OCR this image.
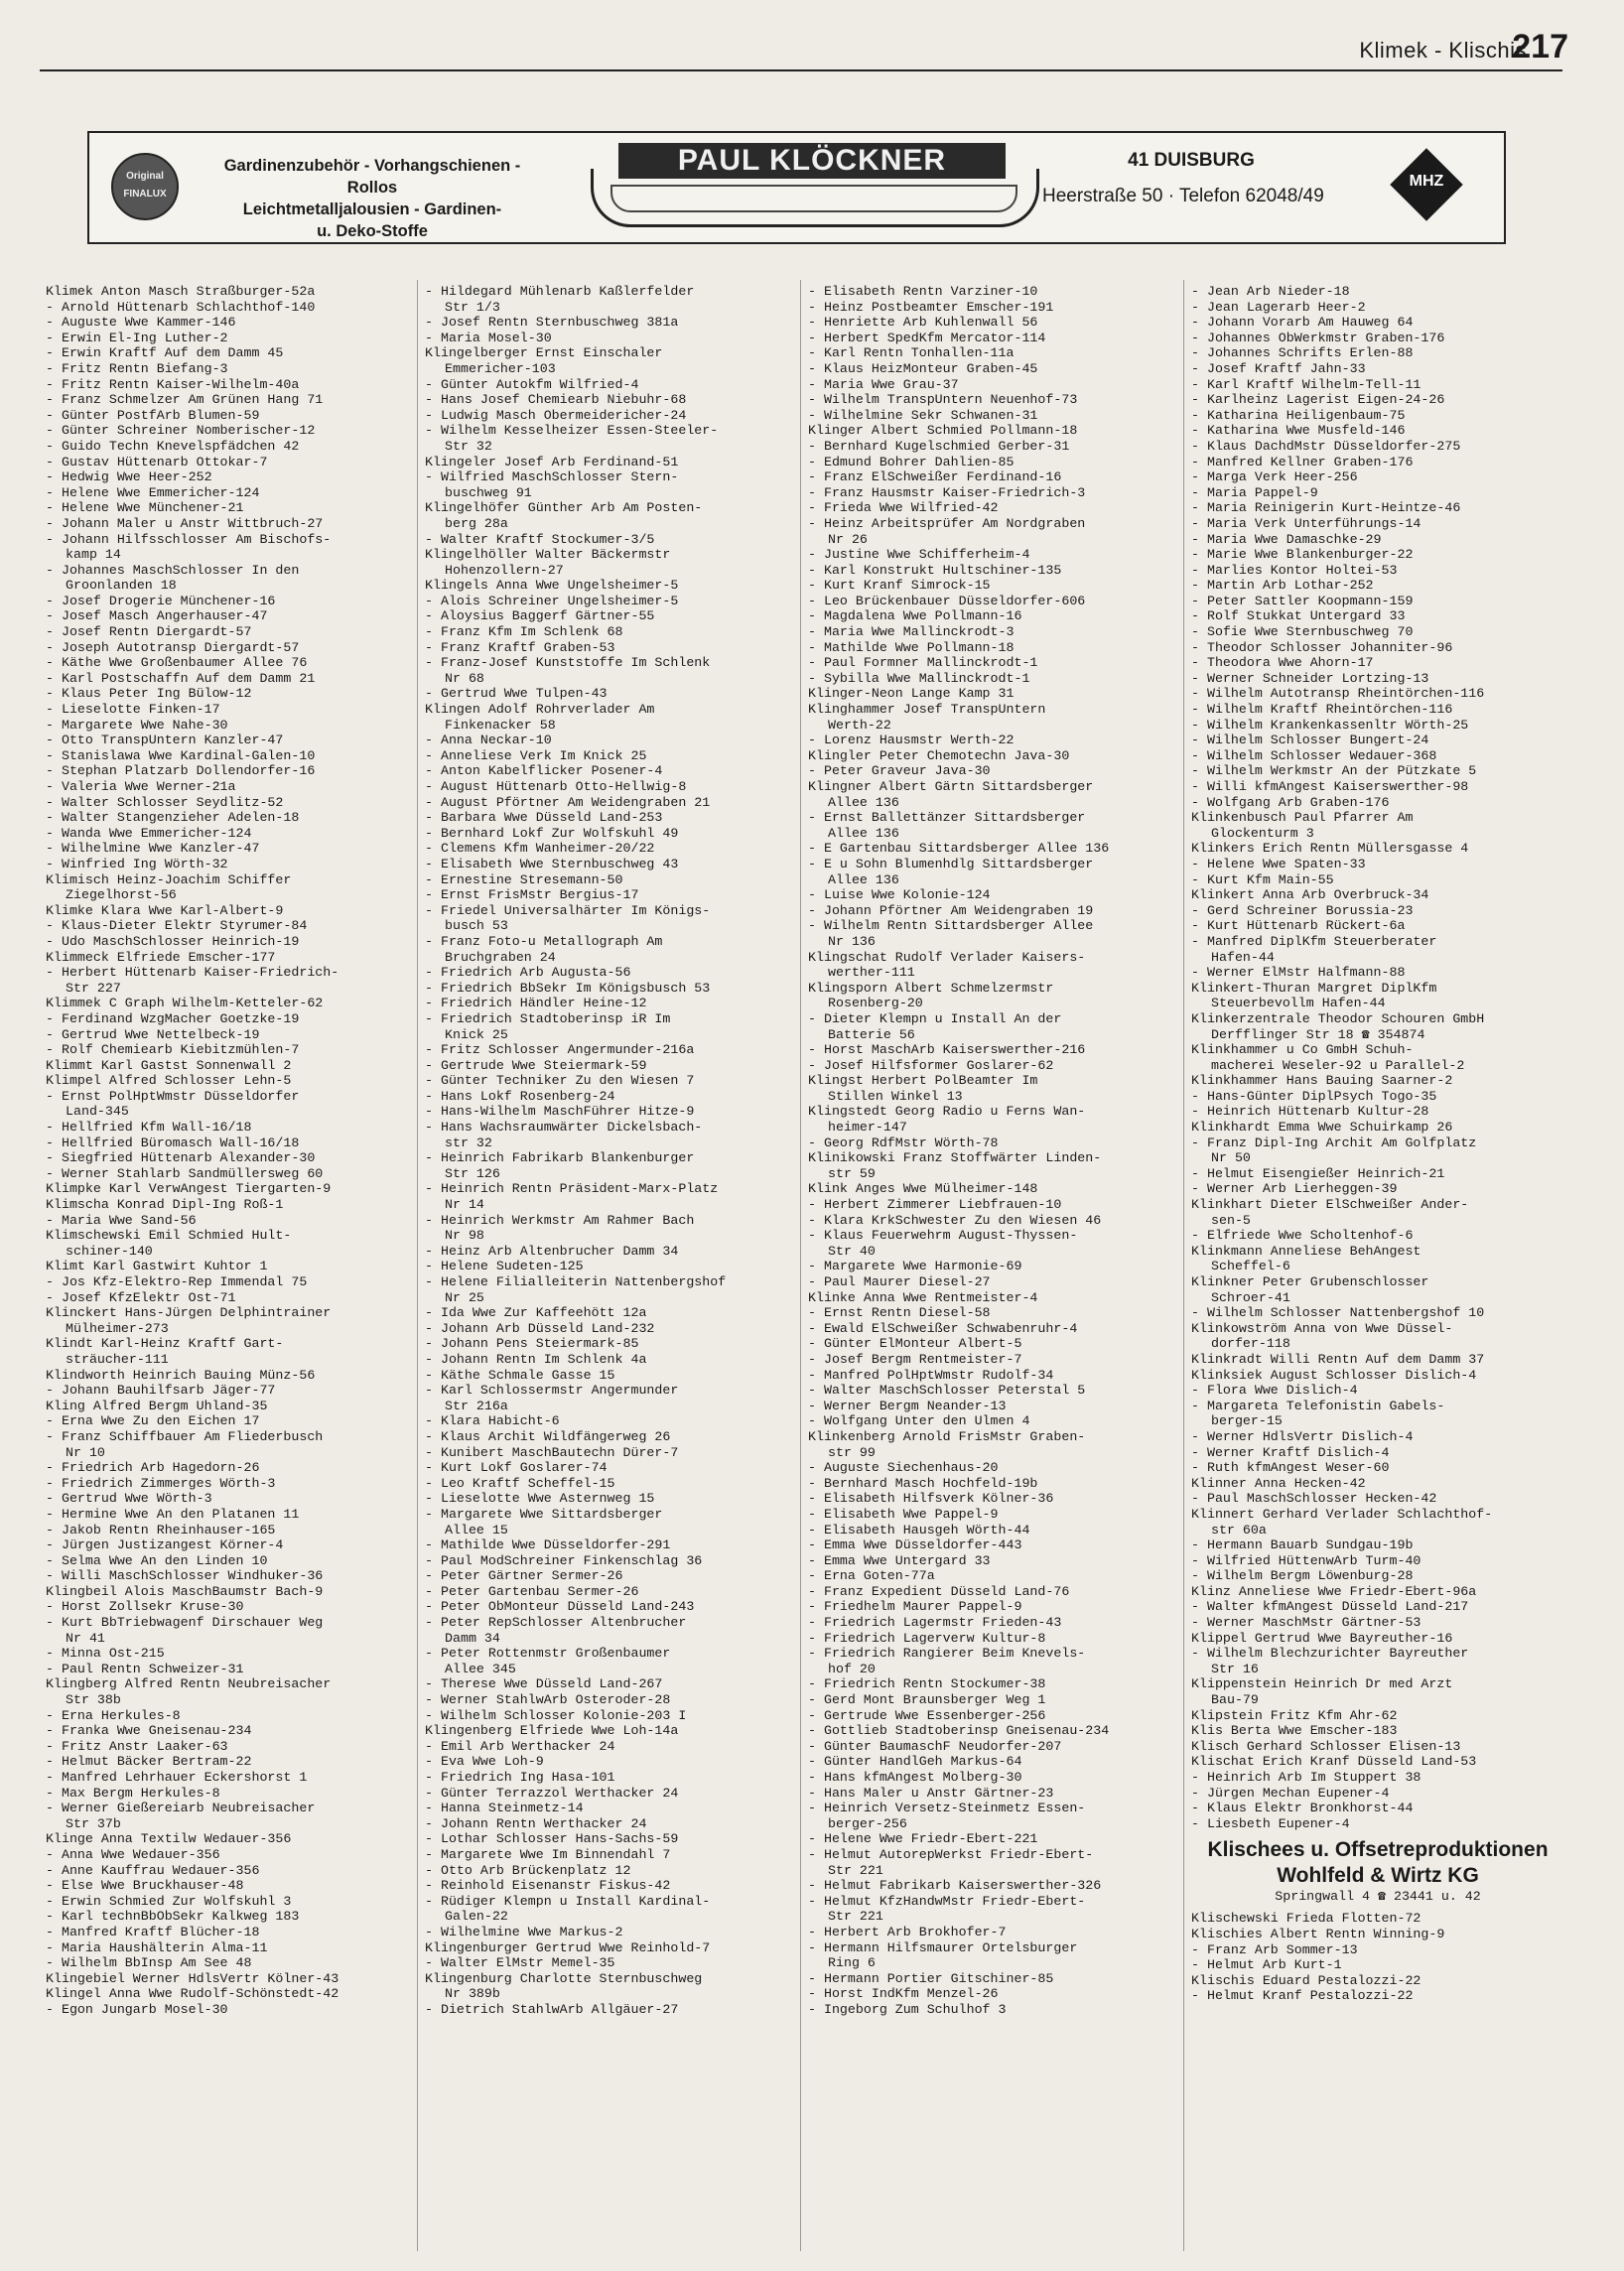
Klimek - Klischis
217
Original
FINALUX
Gardinenzubehör - Vorhangschienen - Rollos
Leichtmetalljalousien - Gardinen-
u. Deko-Stoffe
PAUL KLÖCKNER	41 DUISBURG
Heerstraße 50 · Telefon 62048/49
MHZ
Klimek Anton Masch Straßburger-52a
- Arnold Hüttenarb Schlachthof-140
- Auguste Wwe Kammer-146
- Erwin El-Ing Luther-2
- Erwin Kraftf Auf dem Damm 45
- Fritz Rentn Biefang-3
- Fritz Rentn Kaiser-Wilhelm-40a
- Franz Schmelzer Am Grünen Hang 71
- Günter PostfArb Blumen-59
- Günter Schreiner Nomberischer-12
- Guido Techn Knevelspfädchen 42
- Gustav Hüttenarb Ottokar-7
- Hedwig Wwe Heer-252
- Helene Wwe Emmericher-124
- Helene Wwe Münchener-21
- Johann Maler u Anstr Wittbruch-27
- Johann Hilfsschlosser Am Bischofs-
kamp 14
- Johannes MaschSchlosser In den
Groonlanden 18
- Josef Drogerie Münchener-16
- Josef Masch Angerhauser-47
- Josef Rentn Diergardt-57
- Joseph Autotransp Diergardt-57
- Käthe Wwe Großenbaumer Allee 76
- Karl Postschaffn Auf dem Damm 21
- Klaus Peter Ing Bülow-12
- Lieselotte Finken-17
- Margarete Wwe Nahe-30
- Otto TranspUntern Kanzler-47
- Stanislawa Wwe Kardinal-Galen-10
- Stephan Platzarb Dollendorfer-16
- Valeria Wwe Werner-21a
- Walter Schlosser Seydlitz-52
- Walter Stangenzieher Adelen-18
- Wanda Wwe Emmericher-124
- Wilhelmine Wwe Kanzler-47
- Winfried Ing Wörth-32
Klimisch Heinz-Joachim Schiffer
Ziegelhorst-56
Klimke Klara Wwe Karl-Albert-9
- Klaus-Dieter Elektr Styrumer-84
- Udo MaschSchlosser Heinrich-19
Klimmeck Elfriede Emscher-177
- Herbert Hüttenarb Kaiser-Friedrich-
Str 227
Klimmek C Graph Wilhelm-Ketteler-62
- Ferdinand WzgMacher Goetzke-19
- Gertrud Wwe Nettelbeck-19
- Rolf Chemiearb Kiebitzmühlen-7
Klimmt Karl Gastst Sonnenwall 2
Klimpel Alfred Schlosser Lehn-5
- Ernst PolHptWmstr Düsseldorfer
Land-345
- Hellfried Kfm Wall-16/18
- Hellfried Büromasch Wall-16/18
- Siegfried Hüttenarb Alexander-30
- Werner Stahlarb Sandmüllersweg 60
Klimpke Karl VerwAngest Tiergarten-9
Klimscha Konrad Dipl-Ing Roß-1
- Maria Wwe Sand-56
Klimschewski Emil Schmied Hult-
schiner-140
Klimt Karl Gastwirt Kuhtor 1
- Jos Kfz-Elektro-Rep Immendal 75
- Josef KfzElektr Ost-71
Klinckert Hans-Jürgen Delphintrainer
Mülheimer-273
Klindt Karl-Heinz Kraftf Gart-
sträucher-111
Klindworth Heinrich Bauing Münz-56
- Johann Bauhilfsarb Jäger-77
Kling Alfred Bergm Uhland-35
- Erna Wwe Zu den Eichen 17
- Franz Schiffbauer Am Fliederbusch
Nr 10
- Friedrich Arb Hagedorn-26
- Friedrich Zimmerges Wörth-3
- Gertrud Wwe Wörth-3
- Hermine Wwe An den Platanen 11
- Jakob Rentn Rheinhauser-165
- Jürgen Justizangest Körner-4
- Selma Wwe An den Linden 10
- Willi MaschSchlosser Windhuker-36
Klingbeil Alois MaschBaumstr Bach-9
- Horst Zollsekr Kruse-30
- Kurt BbTriebwagenf Dirschauer Weg
Nr 41
- Minna Ost-215
- Paul Rentn Schweizer-31
Klingberg Alfred Rentn Neubreisacher
Str 38b
- Erna Herkules-8
- Franka Wwe Gneisenau-234
- Fritz Anstr Laaker-63
- Helmut Bäcker Bertram-22
- Manfred Lehrhauer Eckershorst 1
- Max Bergm Herkules-8
- Werner Gießereiarb Neubreisacher
Str 37b
Klinge Anna Textilw Wedauer-356
- Anna Wwe Wedauer-356
- Anne Kauffrau Wedauer-356
- Else Wwe Bruckhauser-48
- Erwin Schmied Zur Wolfskuhl 3
- Karl technBbObSekr Kalkweg 183
- Manfred Kraftf Blücher-18
- Maria Haushälterin Alma-11
- Wilhelm BbInsp Am See 48
Klingebiel Werner HdlsVertr Kölner-43
Klingel Anna Wwe Rudolf-Schönstedt-42
- Egon Jungarb Mosel-30
- Hildegard Mühlenarb Kaßlerfelder
Str 1/3
- Josef Rentn Sternbuschweg 381a
- Maria Mosel-30
Klingelberger Ernst Einschaler
Emmericher-103
- Günter Autokfm Wilfried-4
- Hans Josef Chemiearb Niebuhr-68
- Ludwig Masch Obermeidericher-24
- Wilhelm Kesselheizer Essen-Steeler-
Str 32
Klingeler Josef Arb Ferdinand-51
- Wilfried MaschSchlosser Stern-
buschweg 91
Klingelhöfer Günther Arb Am Posten-
berg 28a
- Walter Kraftf Stockumer-3/5
Klingelhöller Walter Bäckermstr
Hohenzollern-27
Klingels Anna Wwe Ungelsheimer-5
- Alois Schreiner Ungelsheimer-5
- Aloysius Baggerf Gärtner-55
- Franz Kfm Im Schlenk 68
- Franz Kraftf Graben-53
- Franz-Josef Kunststoffe Im Schlenk
Nr 68
- Gertrud Wwe Tulpen-43
Klingen Adolf Rohrverlader Am
Finkenacker 58
- Anna Neckar-10
- Anneliese Verk Im Knick 25
- Anton Kabelflicker Posener-4
- August Hüttenarb Otto-Hellwig-8
- August Pförtner Am Weidengraben 21
- Barbara Wwe Düsseld Land-253
- Bernhard Lokf Zur Wolfskuhl 49
- Clemens Kfm Wanheimer-20/22
- Elisabeth Wwe Sternbuschweg 43
- Ernestine Stresemann-50
- Ernst FrisMstr Bergius-17
- Friedel Universalhärter Im Königs-
busch 53
- Franz Foto-u Metallograph Am
Bruchgraben 24
- Friedrich Arb Augusta-56
- Friedrich BbSekr Im Königsbusch 53
- Friedrich Händler Heine-12
- Friedrich Stadtoberinsp iR Im
Knick 25
- Fritz Schlosser Angermunder-216a
- Gertrude Wwe Steiermark-59
- Günter Techniker Zu den Wiesen 7
- Hans Lokf Rosenberg-24
- Hans-Wilhelm MaschFührer Hitze-9
- Hans Wachsraumwärter Dickelsbach-
str 32
- Heinrich Fabrikarb Blankenburger
Str 126
- Heinrich Rentn Präsident-Marx-Platz
Nr 14
- Heinrich Werkmstr Am Rahmer Bach
Nr 98
- Heinz Arb Altenbrucher Damm 34
- Helene Sudeten-125
- Helene Filialleiterin Nattenbergshof
Nr 25
- Ida Wwe Zur Kaffeehött 12a
- Johann Arb Düsseld Land-232
- Johann Pens Steiermark-85
- Johann Rentn Im Schlenk 4a
- Käthe Schmale Gasse 15
- Karl Schlossermstr Angermunder
Str 216a
- Klara Habicht-6
- Klaus Archit Wildfängerweg 26
- Kunibert MaschBautechn Dürer-7
- Kurt Lokf Goslarer-74
- Leo Kraftf Scheffel-15
- Lieselotte Wwe Asternweg 15
- Margarete Wwe Sittardsberger
Allee 15
- Mathilde Wwe Düsseldorfer-291
- Paul ModSchreiner Finkenschlag 36
- Peter Gärtner Sermer-26
- Peter Gartenbau Sermer-26
- Peter ObMonteur Düsseld Land-243
- Peter RepSchlosser Altenbrucher
Damm 34
- Peter Rottenmstr Großenbaumer
Allee 345
- Therese Wwe Düsseld Land-267
- Werner StahlwArb Osteroder-28
- Wilhelm Schlosser Kolonie-203 I
Klingenberg Elfriede Wwe Loh-14a
- Emil Arb Werthacker 24
- Eva Wwe Loh-9
- Friedrich Ing Hasa-101
- Günter Terrazzol Werthacker 24
- Hanna Steinmetz-14
- Johann Rentn Werthacker 24
- Lothar Schlosser Hans-Sachs-59
- Margarete Wwe Im Binnendahl 7
- Otto Arb Brückenplatz 12
- Reinhold Eisenanstr Fiskus-42
- Rüdiger Klempn u Install Kardinal-
Galen-22
- Wilhelmine Wwe Markus-2
Klingenburger Gertrud Wwe Reinhold-7
- Walter ElMstr Memel-35
Klingenburg Charlotte Sternbuschweg
Nr 389b
- Dietrich StahlwArb Allgäuer-27
- Elisabeth Rentn Varziner-10
- Heinz Postbeamter Emscher-191
- Henriette Arb Kuhlenwall 56
- Herbert SpedKfm Mercator-114
- Karl Rentn Tonhallen-11a
- Klaus HeizMonteur Graben-45
- Maria Wwe Grau-37
- Wilhelm TranspUntern Neuenhof-73
- Wilhelmine Sekr Schwanen-31
Klinger Albert Schmied Pollmann-18
- Bernhard Kugelschmied Gerber-31
- Edmund Bohrer Dahlien-85
- Franz ElSchweißer Ferdinand-16
- Franz Hausmstr Kaiser-Friedrich-3
- Frieda Wwe Wilfried-42
- Heinz Arbeitsprüfer Am Nordgraben
Nr 26
- Justine Wwe Schifferheim-4
- Karl Konstrukt Hultschiner-135
- Kurt Kranf Simrock-15
- Leo Brückenbauer Düsseldorfer-606
- Magdalena Wwe Pollmann-16
- Maria Wwe Mallinckrodt-3
- Mathilde Wwe Pollmann-18
- Paul Formner Mallinckrodt-1
- Sybilla Wwe Mallinckrodt-1
Klinger-Neon Lange Kamp 31
Klinghammer Josef TranspUntern
Werth-22
- Lorenz Hausmstr Werth-22
Klingler Peter Chemotechn Java-30
- Peter Graveur Java-30
Klingner Albert Gärtn Sittardsberger
Allee 136
- Ernst Ballettänzer Sittardsberger
Allee 136
- E Gartenbau Sittardsberger Allee 136
- E u Sohn Blumenhdlg Sittardsberger
Allee 136
- Luise Wwe Kolonie-124
- Johann Pförtner Am Weidengraben 19
- Wilhelm Rentn Sittardsberger Allee
Nr 136
Klingschat Rudolf Verlader Kaisers-
werther-111
Klingsporn Albert Schmelzermstr
Rosenberg-20
- Dieter Klempn u Install An der
Batterie 56
- Horst MaschArb Kaiserswerther-216
- Josef Hilfsformer Goslarer-62
Klingst Herbert PolBeamter Im
Stillen Winkel 13
Klingstedt Georg Radio u Ferns Wan-
heimer-147
- Georg RdfMstr Wörth-78
Klinikowski Franz Stoffwärter Linden-
str 59
Klink Anges Wwe Mülheimer-148
- Herbert Zimmerer Liebfrauen-10
- Klara KrkSchwester Zu den Wiesen 46
- Klaus Feuerwehrm August-Thyssen-
Str 40
- Margarete Wwe Harmonie-69
- Paul Maurer Diesel-27
Klinke Anna Wwe Rentmeister-4
- Ernst Rentn Diesel-58
- Ewald ElSchweißer Schwabenruhr-4
- Günter ElMonteur Albert-5
- Josef Bergm Rentmeister-7
- Manfred PolHptWmstr Rudolf-34
- Walter MaschSchlosser Peterstal 5
- Werner Bergm Neander-13
- Wolfgang Unter den Ulmen 4
Klinkenberg Arnold FrisMstr Graben-
str 99
- Auguste Siechenhaus-20
- Bernhard Masch Hochfeld-19b
- Elisabeth Hilfsverk Kölner-36
- Elisabeth Wwe Pappel-9
- Elisabeth Hausgeh Wörth-44
- Emma Wwe Düsseldorfer-443
- Emma Wwe Untergard 33
- Erna Goten-77a
- Franz Expedient Düsseld Land-76
- Friedhelm Maurer Pappel-9
- Friedrich Lagermstr Frieden-43
- Friedrich Lagerverw Kultur-8
- Friedrich Rangierer Beim Knevels-
hof 20
- Friedrich Rentn Stockumer-38
- Gerd Mont Braunsberger Weg 1
- Gertrude Wwe Essenberger-256
- Gottlieb Stadtoberinsp Gneisenau-234
- Günter BaumaschF Neudorfer-207
- Günter HandlGeh Markus-64
- Hans kfmAngest Molberg-30
- Hans Maler u Anstr Gärtner-23
- Heinrich Versetz-Steinmetz Essen-
berger-256
- Helene Wwe Friedr-Ebert-221
- Helmut AutorepWerkst Friedr-Ebert-
Str 221
- Helmut Fabrikarb Kaiserswerther-326
- Helmut KfzHandwMstr Friedr-Ebert-
Str 221
- Herbert Arb Brokhofer-7
- Hermann Hilfsmaurer Ortelsburger
Ring 6
- Hermann Portier Gitschiner-85
- Horst IndKfm Menzel-26
- Ingeborg Zum Schulhof 3
- Jean Arb Nieder-18
- Jean Lagerarb Heer-2
- Johann Vorarb Am Hauweg 64
- Johannes ObWerkmstr Graben-176
- Johannes Schrifts Erlen-88
- Josef Kraftf Jahn-33
- Karl Kraftf Wilhelm-Tell-11
- Karlheinz Lagerist Eigen-24-26
- Katharina Heiligenbaum-75
- Katharina Wwe Musfeld-146
- Klaus DachdMstr Düsseldorfer-275
- Manfred Kellner Graben-176
- Marga Verk Heer-256
- Maria Pappel-9
- Maria Reinigerin Kurt-Heintze-46
- Maria Verk Unterführungs-14
- Maria Wwe Damaschke-29
- Marie Wwe Blankenburger-22
- Marlies Kontor Holtei-53
- Martin Arb Lothar-252
- Peter Sattler Koopmann-159
- Rolf Stukkat Untergard 33
- Sofie Wwe Sternbuschweg 70
- Theodor Schlosser Johanniter-96
- Theodora Wwe Ahorn-17
- Werner Schneider Lortzing-13
- Wilhelm Autotransp Rheintörchen-116
- Wilhelm Kraftf Rheintörchen-116
- Wilhelm Krankenkassenltr Wörth-25
- Wilhelm Schlosser Bungert-24
- Wilhelm Schlosser Wedauer-368
- Wilhelm Werkmstr An der Pützkate 5
- Willi kfmAngest Kaiserswerther-98
- Wolfgang Arb Graben-176
Klinkenbusch Paul Pfarrer Am
Glockenturm 3
Klinkers Erich Rentn Müllersgasse 4
- Helene Wwe Spaten-33
- Kurt Kfm Main-55
Klinkert Anna Arb Overbruck-34
- Gerd Schreiner Borussia-23
- Kurt Hüttenarb Rückert-6a
- Manfred DiplKfm Steuerberater
Hafen-44
- Werner ElMstr Halfmann-88
Klinkert-Thuran Margret DiplKfm
Steuerbevollm Hafen-44
Klinkerzentrale Theodor Schouren GmbH
Derfflinger Str 18 ☎ 354874
Klinkhammer u Co GmbH Schuh-
macherei Weseler-92 u Parallel-2
Klinkhammer Hans Bauing Saarner-2
- Hans-Günter DiplPsych Togo-35
- Heinrich Hüttenarb Kultur-28
Klinkhardt Emma Wwe Schuirkamp 26
- Franz Dipl-Ing Archit Am Golfplatz
Nr 50
- Helmut Eisengießer Heinrich-21
- Werner Arb Lierheggen-39
Klinkhart Dieter ElSchweißer Ander-
sen-5
- Elfriede Wwe Scholtenhof-6
Klinkmann Anneliese BehAngest
Scheffel-6
Klinkner Peter Grubenschlosser
Schroer-41
- Wilhelm Schlosser Nattenbergshof 10
Klinkowström Anna von Wwe Düssel-
dorfer-118
Klinkradt Willi Rentn Auf dem Damm 37
Klinksiek August Schlosser Dislich-4
- Flora Wwe Dislich-4
- Margareta Telefonistin Gabels-
berger-15
- Werner HdlsVertr Dislich-4
- Werner Kraftf Dislich-4
- Ruth kfmAngest Weser-60
Klinner Anna Hecken-42
- Paul MaschSchlosser Hecken-42
Klinnert Gerhard Verlader Schlachthof-
str 60a
- Hermann Bauarb Sundgau-19b
- Wilfried HüttenwArb Turm-40
- Wilhelm Bergm Löwenburg-28
Klinz Anneliese Wwe Friedr-Ebert-96a
- Walter kfmAngest Düsseld Land-217
- Werner MaschMstr Gärtner-53
Klippel Gertrud Wwe Bayreuther-16
- Wilhelm Blechzurichter Bayreuther
Str 16
Klippenstein Heinrich Dr med Arzt
Bau-79
Klipstein Fritz Kfm Ahr-62
Klis Berta Wwe Emscher-183
Klisch Gerhard Schlosser Elisen-13
Klischat Erich Kranf Düsseld Land-53
- Heinrich Arb Im Stuppert 38
- Jürgen Mechan Eupener-4
- Klaus Elektr Bronkhorst-44
- Liesbeth Eupener-4
Klischees u. Offsetreproduktionen
Wohlfeld & Wirtz KG
Springwall 4 ☎ 23441 u. 42
Klischewski Frieda Flotten-72
Klischies Albert Rentn Winning-9
- Franz Arb Sommer-13
- Helmut Arb Kurt-1
Klischis Eduard Pestalozzi-22
- Helmut Kranf Pestalozzi-22
